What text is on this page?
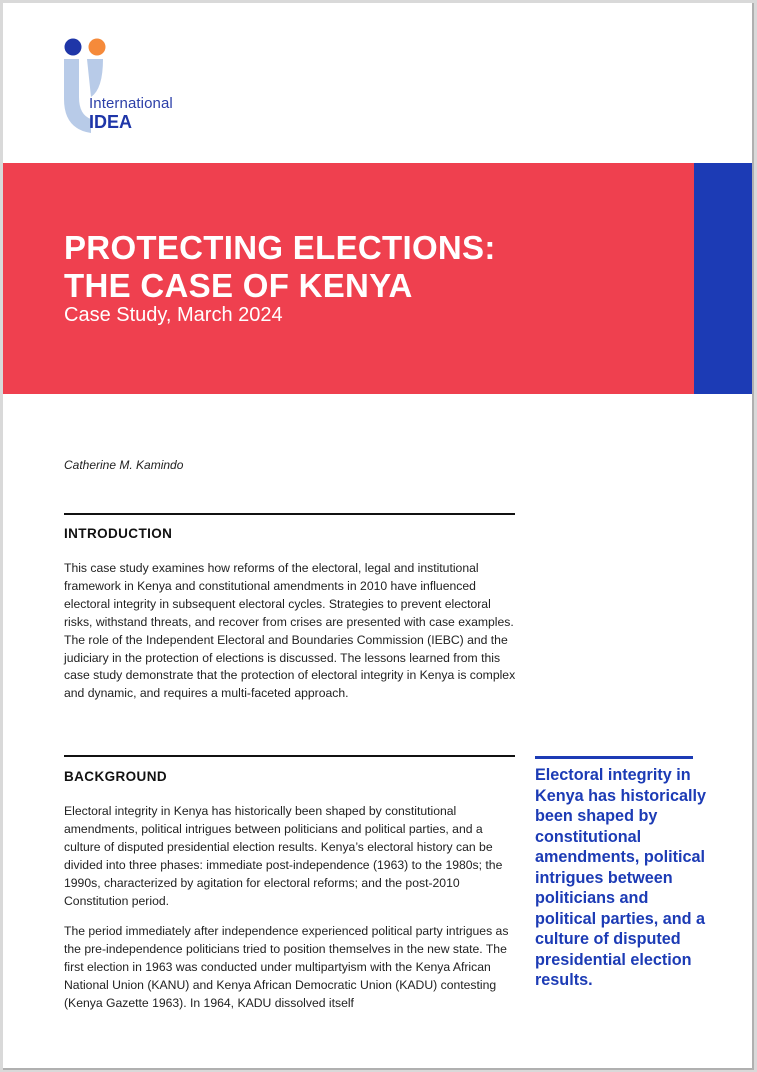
International
IDEA
PROTECTING ELECTIONS:
THE CASE OF KENYA
Case Study, March 2024
Catherine M. Kamindo
INTRODUCTION
This case study examines how reforms of the electoral, legal and institutional framework in Kenya and constitutional amendments in 2010 have influenced electoral integrity in subsequent electoral cycles. Strategies to prevent electoral risks, withstand threats, and recover from crises are presented with case examples. The role of the Independent Electoral and Boundaries Commission (IEBC) and the judiciary in the protection of elections is discussed. The lessons learned from this case study demonstrate that the protection of electoral integrity in Kenya is complex and dynamic, and requires a multi-faceted approach.
BACKGROUND
Electoral integrity in Kenya has historically been shaped by constitutional amendments, political intrigues between politicians and political parties, and a culture of disputed presidential election results. Kenya’s electoral history can be divided into three phases: immediate post-independence (1963) to the 1980s; the 1990s, characterized by agitation for electoral reforms; and the post-2010 Constitution period.
The period immediately after independence experienced political party intrigues as the pre-independence politicians tried to position themselves in the new state. The first election in 1963 was conducted under multipartyism with the Kenya African National Union (KANU) and Kenya African Democratic Union (KADU) contesting (Kenya Gazette 1963). In 1964, KADU dissolved itself
Electoral integrity in Kenya has historically been shaped by constitutional amendments, political intrigues between politicians and political parties, and a culture of disputed presidential election results.
